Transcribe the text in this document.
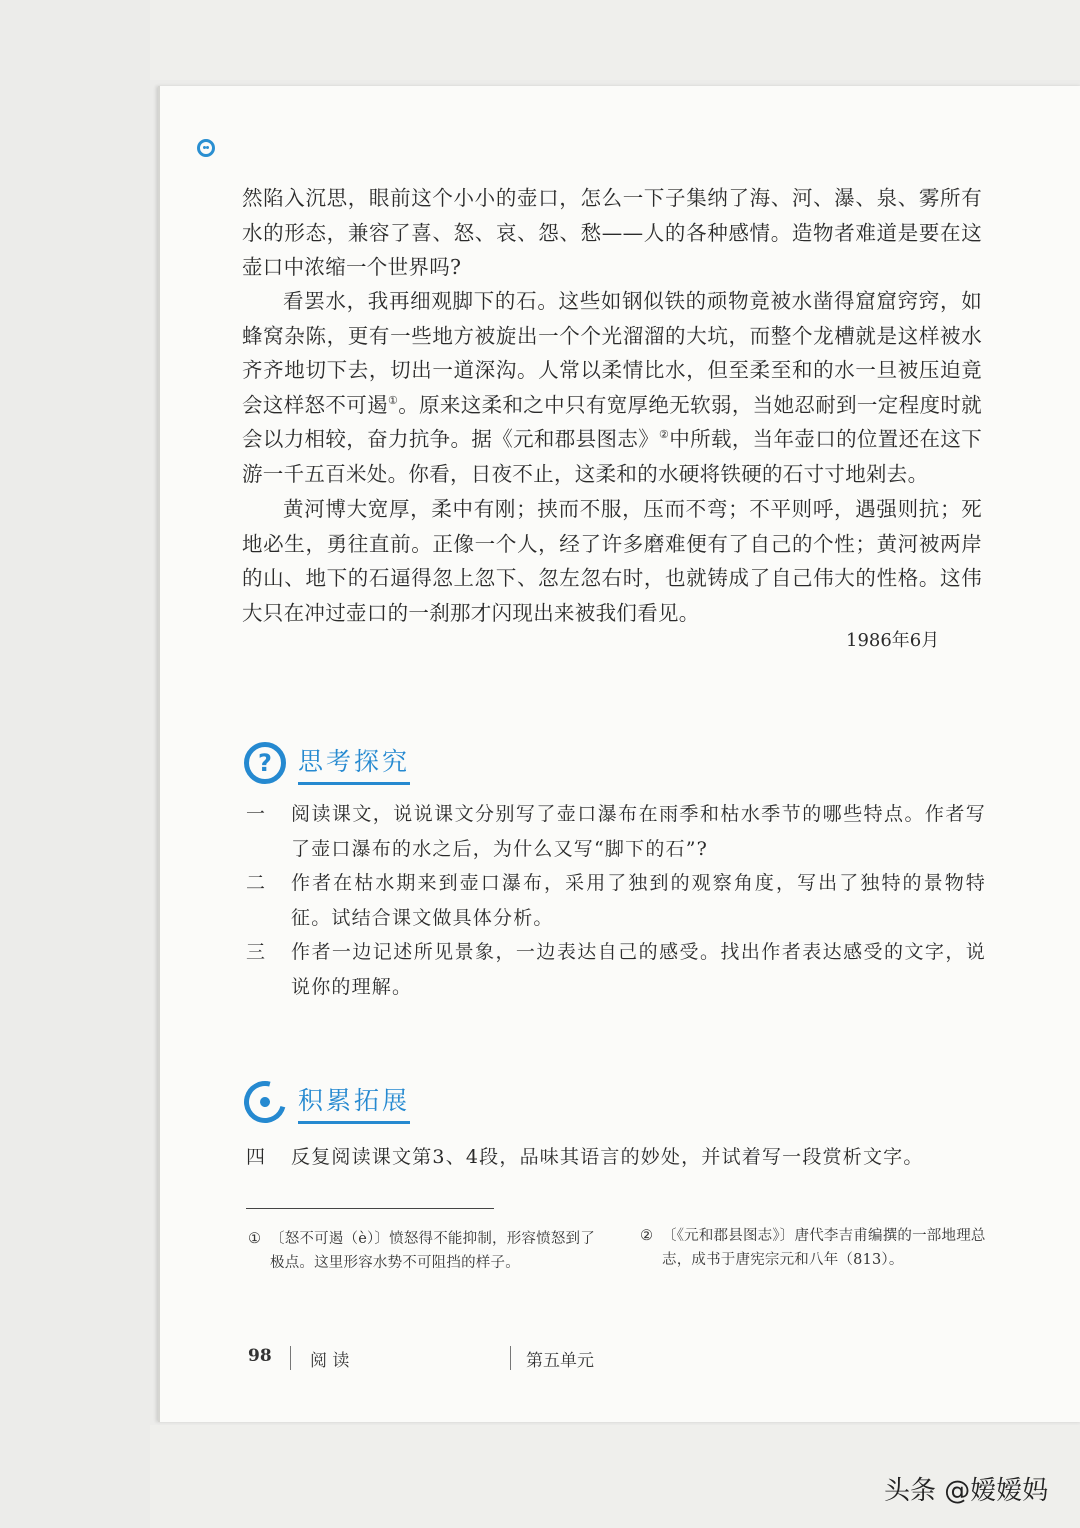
然陷入沉思，眼前这个小小的壶口，怎么一下子集纳了海、河、瀑、泉、雾所有水的形态，兼容了喜、怒、哀、怨、愁——人的各种感情。造物者难道是要在这壶口中浓缩一个世界吗?

看罢水，我再细观脚下的石。这些如钢似铁的顽物竟被水凿得窟窟窍窍，如蜂窝杂陈，更有一些地方被旋出一个个光溜溜的大坑，而整个龙槽就是这样被水齐齐地切下去，切出一道深沟。人常以柔情比水，但至柔至和的水一旦被压迫竟会这样怒不可遏①。原来这柔和之中只有宽厚绝无软弱，当她忍耐到一定程度时就会以力相较，奋力抗争。据《元和郡县图志》②中所载，当年壶口的位置还在这下游一千五百米处。你看，日夜不止，这柔和的水硬将铁硬的石寸寸地剁去。

黄河博大宽厚，柔中有刚；挟而不服，压而不弯；不平则呼，遇强则抗；死地必生，勇往直前。正像一个人，经了许多磨难便有了自己的个性；黄河被两岸的山、地下的石逼得忽上忽下、忽左忽右时，也就铸成了自己伟大的性格。这伟大只在冲过壶口的一刹那才闪现出来被我们看见。

1986年6月
?	思考探究
一	阅读课文，说说课文分别写了壶口瀑布在雨季和枯水季节的哪些特点。作者写了壶口瀑布的水之后，为什么又写“脚下的石”?
二	作者在枯水期来到壶口瀑布，采用了独到的观察角度，写出了独特的景物特征。试结合课文做具体分析。
三	作者一边记述所见景象，一边表达自己的感受。找出作者表达感受的文字，说说你的理解。
积累拓展
四	反复阅读课文第3、4段，品味其语言的妙处，并试着写一段赏析文字。
① 〔怒不可遏（è）〕愤怒得不能抑制，形容愤怒到了极点。这里形容水势不可阻挡的样子。
② 〔《元和郡县图志》〕唐代李吉甫编撰的一部地理总志，成书于唐宪宗元和八年（813）。
98 阅 读	第五单元
头条 @嫒嫒妈
